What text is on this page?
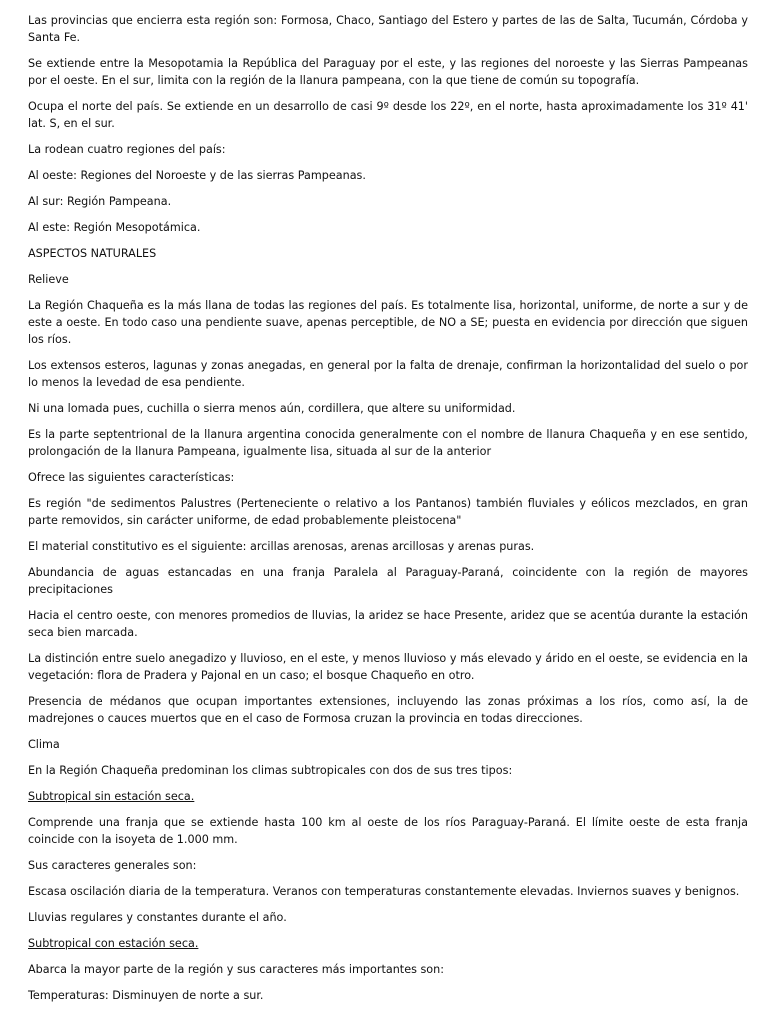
Las provincias que encierra esta región son: Formosa, Chaco, Santiago del Estero y partes de las de Salta, Tucumán, Córdoba y Santa Fe.

Se extiende entre la Mesopotamia la República del Paraguay por el este, y las regiones del noroeste y las Sierras Pampeanas por el oeste. En el sur, limita con la región de la llanura pampeana, con la que tiene de común su topografía.

Ocupa el norte del país. Se extiende en un desarrollo de casi 9º desde los 22º, en el norte, hasta aproximadamente los 31º 41' lat. S, en el sur.

La rodean cuatro regiones del país:

Al oeste: Regiones del Noroeste y de las sierras Pampeanas.

Al sur: Región Pampeana.

Al este: Región Mesopotámica.

ASPECTOS NATURALES

Relieve

La Región Chaqueña es la más llana de todas las regiones del país. Es totalmente lisa, horizontal, uniforme, de norte a sur y de este a oeste. En todo caso una pendiente suave, apenas perceptible, de NO a SE; puesta en evidencia por dirección que siguen los ríos.

Los extensos esteros, lagunas y zonas anegadas, en general por la falta de drenaje, confirman la horizontalidad del suelo o por lo menos la levedad de esa pendiente.

Ni una lomada pues, cuchilla o sierra menos aún, cordillera, que altere su uniformidad.

Es la parte septentrional de la llanura argentina conocida generalmente con el nombre de llanura Chaqueña y en ese sentido, prolongación de la llanura Pampeana, igualmente lisa, situada al sur de la anterior

Ofrece las siguientes características:

Es región "de sedimentos Palustres (Perteneciente o relativo a los Pantanos) también fluviales y eólicos mezclados, en gran parte removidos, sin carácter uniforme, de edad probablemente pleistocena"

El material constitutivo es el siguiente: arcillas arenosas, arenas arcillosas y arenas puras.

Abundancia de aguas estancadas en una franja Paralela al Paraguay-Paraná, coincidente con la región de mayores precipitaciones

Hacia el centro oeste, con menores promedios de lluvias, la aridez se hace Presente, aridez que se acentúa durante la estación seca bien marcada.

La distinción entre suelo anegadizo y lluvioso, en el este, y menos lluvioso y más elevado y árido en el oeste, se evidencia en la vegetación: flora de Pradera y Pajonal en un caso; el bosque Chaqueño en otro.

Presencia de médanos que ocupan importantes extensiones, incluyendo las zonas próximas a los ríos, como así, la de madrejones o cauces muertos que en el caso de Formosa cruzan la provincia en todas direcciones.

Clima

En la Región Chaqueña predominan los climas subtropicales con dos de sus tres tipos:

Subtropical sin estación seca.

Comprende una franja que se extiende hasta 100 km al oeste de los ríos Paraguay-Paraná. El límite oeste de esta franja coincide con la isoyeta de 1.000 mm.

Sus caracteres generales son:

Escasa oscilación diaria de la temperatura. Veranos con temperaturas constantemente elevadas. Inviernos suaves y benignos.

Lluvias regulares y constantes durante el año.

Subtropical con estación seca.

Abarca la mayor parte de la región y sus caracteres más importantes son:

Temperaturas: Disminuyen de norte a sur.
